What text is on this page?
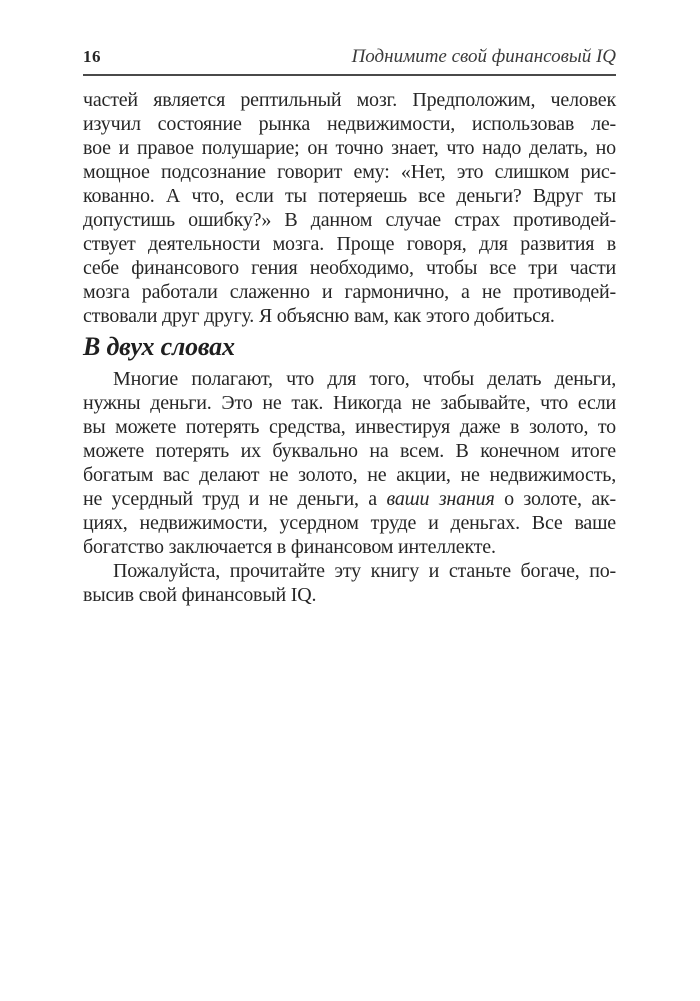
16	Поднимите свой финансовый IQ
частей является рептильный мозг. Предположим, человек
изучил состояние рынка недвижимости, использовав ле-
вое и правое полушарие; он точно знает, что надо делать, но
мощное подсознание говорит ему: «Нет, это слишком рис-
кованно. А что, если ты потеряешь все деньги? Вдруг ты
допустишь ошибку?» В данном случае страх противодей-
ствует деятельности мозга. Проще говоря, для развития в
себе финансового гения необходимо, чтобы все три части
мозга работали слаженно и гармонично, а не противодей-
ствовали друг другу. Я объясню вам, как этого добиться.
В двух словах
Многие полагают, что для того, чтобы делать деньги,
нужны деньги. Это не так. Никогда не забывайте, что если
вы можете потерять средства, инвестируя даже в золото, то
можете потерять их буквально на всем. В конечном итоге
богатым вас делают не золото, не акции, не недвижимость,
не усердный труд и не деньги, а ваши знания о золоте, ак-
циях, недвижимости, усердном труде и деньгах. Все ваше
богатство заключается в финансовом интеллекте.
Пожалуйста, прочитайте эту книгу и станьте богаче, по-
высив свой финансовый IQ.
